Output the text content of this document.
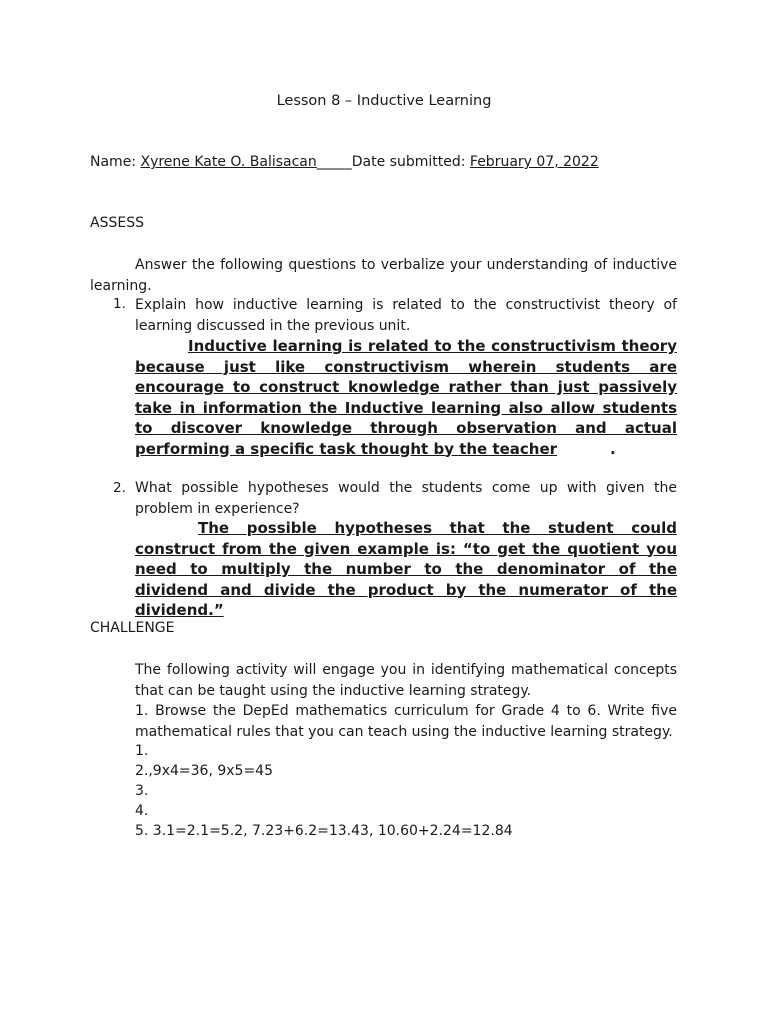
Lesson 8 – Inductive Learning
Name: Xyrene Kate O. Balisacan_____Date submitted: February 07, 2022
ASSESS
Answer the following questions to verbalize your understanding of inductive learning.
1. Explain how inductive learning is related to the constructivist theory of learning discussed in the previous unit.
Inductive learning is related to the constructivism theory because just like constructivism wherein students are encourage to construct knowledge rather than just passively take in information the Inductive learning also allow students to discover knowledge through observation and actual performing a specific task thought by the teacher	.
2. What possible hypotheses would the students come up with given the problem in experience?
The possible hypotheses that the student could construct from the given example is: “to get the quotient you need to multiply the number to the denominator of the dividend and divide the product by the numerator of the dividend.”
CHALLENGE
The following activity will engage you in identifying mathematical concepts that can be taught using the inductive learning strategy.
1. Browse the DepEd mathematics curriculum for Grade 4 to 6. Write five mathematical rules that you can teach using the inductive learning strategy.
1.
2.,9x4=36, 9x5=45
3.
4.
5. 3.1=2.1=5.2, 7.23+6.2=13.43, 10.60+2.24=12.84
